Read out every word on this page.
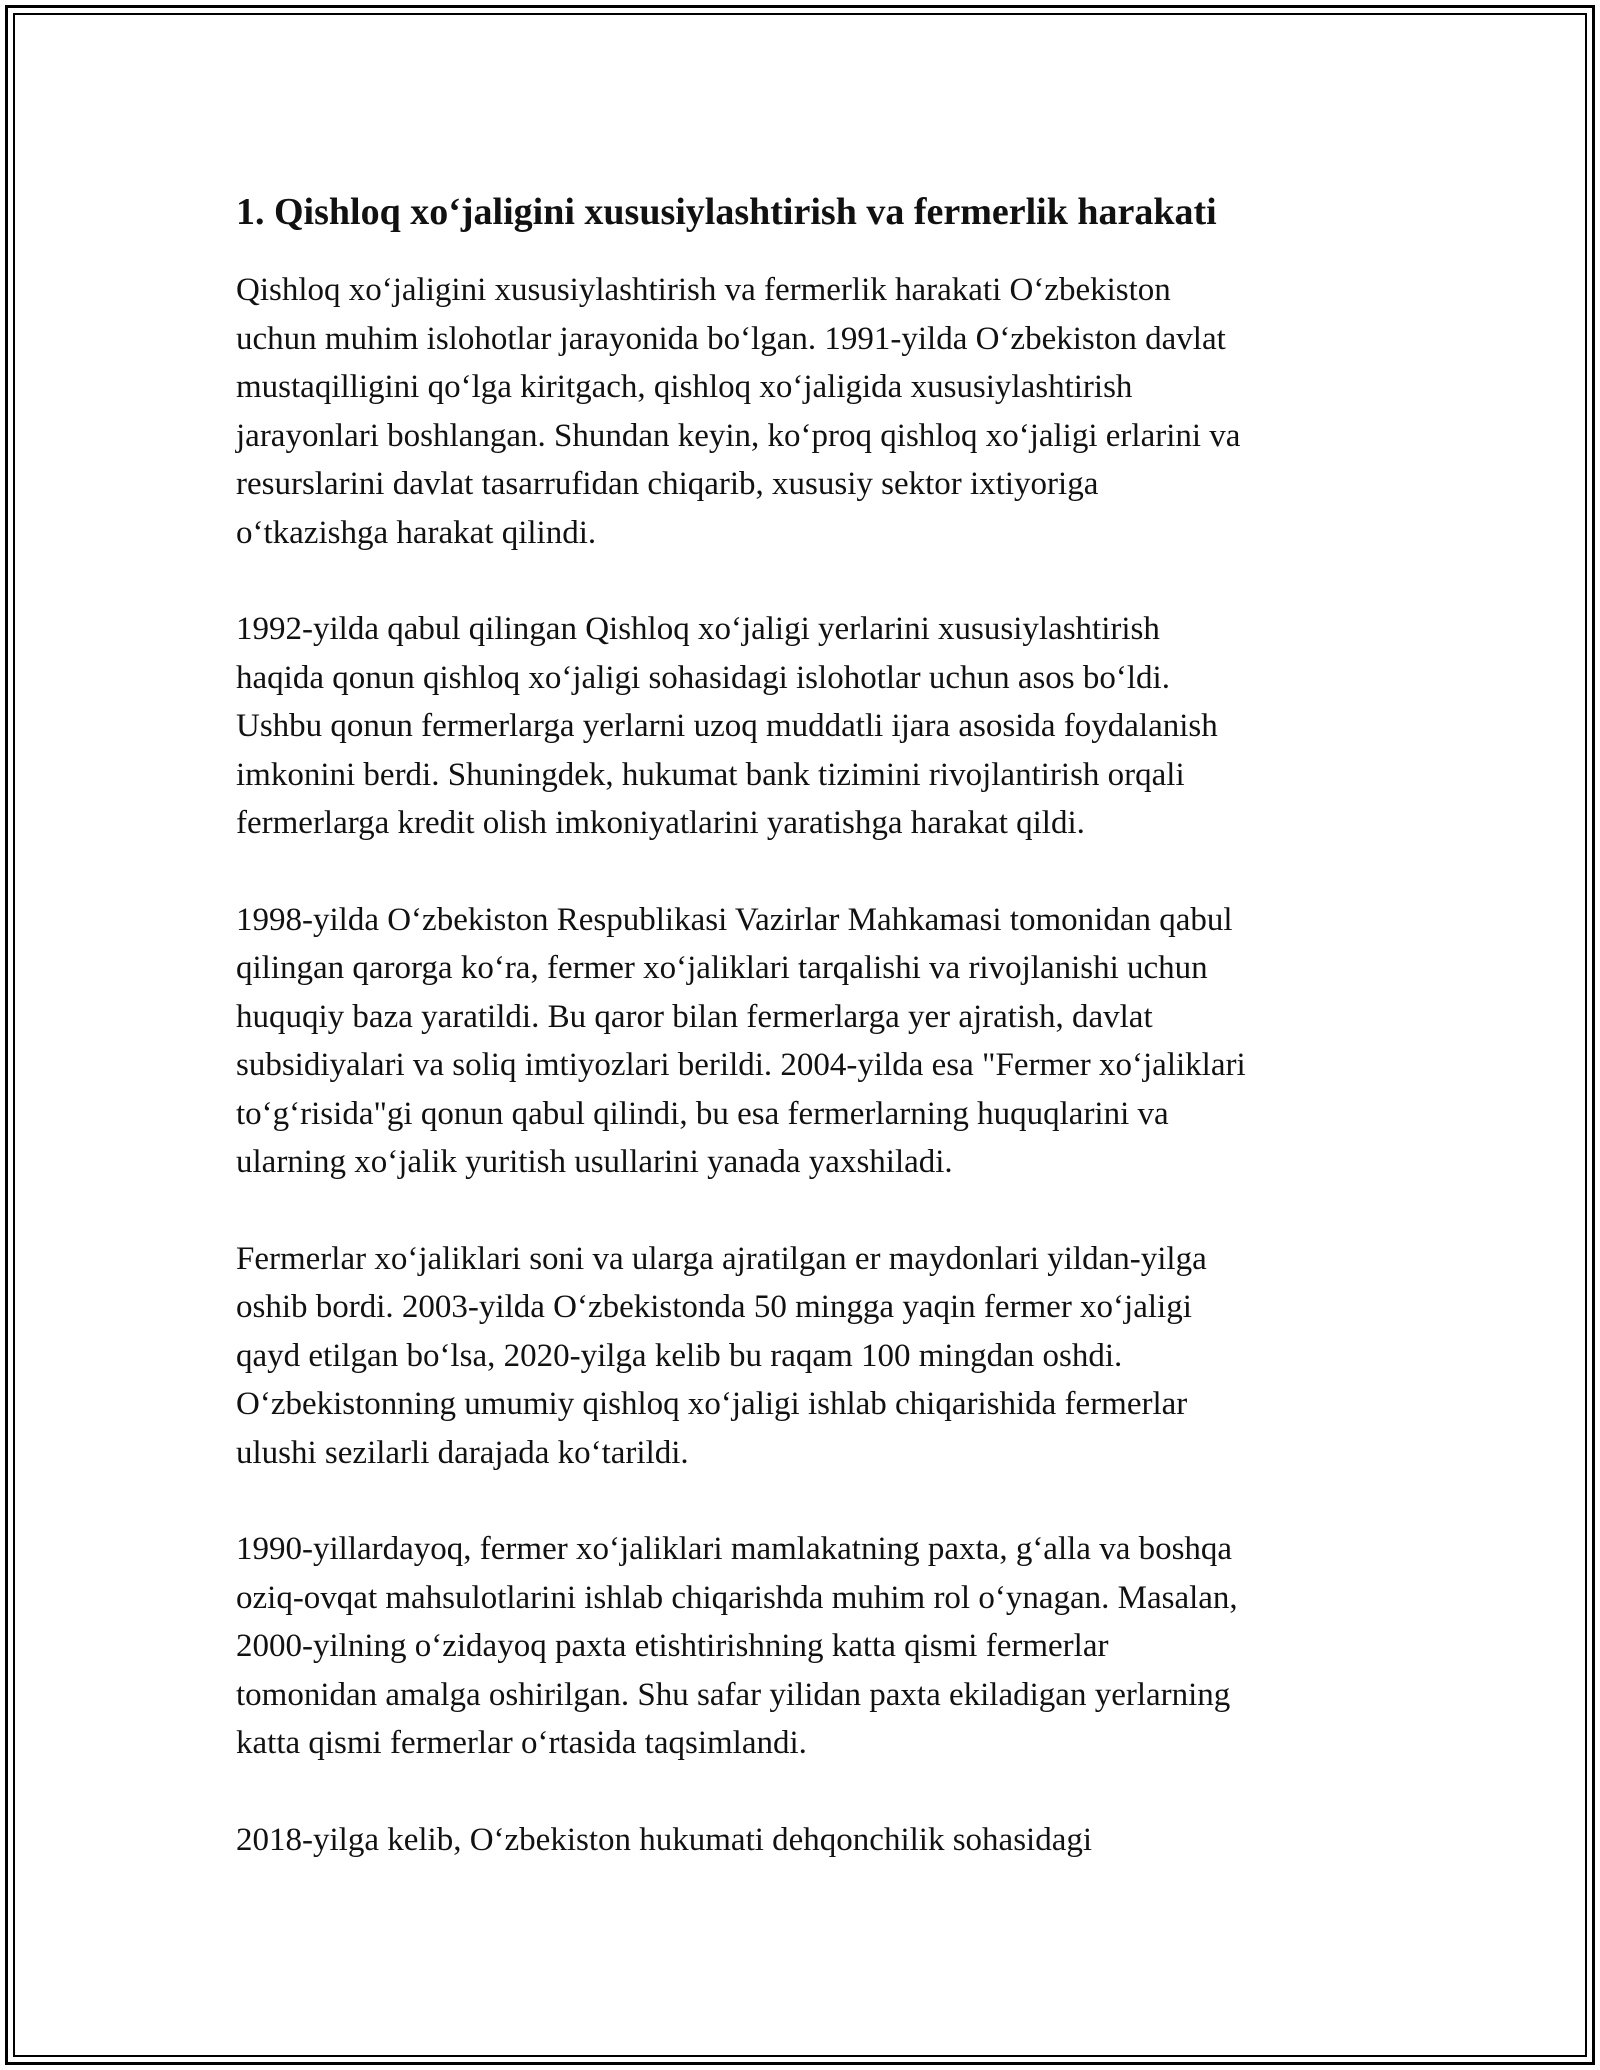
1. Qishloq xo‘jaligini xususiylashtirish va fermerlik harakati

Qishloq xo‘jaligini xususiylashtirish va fermerlik harakati O‘zbekiston
uchun muhim islohotlar jarayonida bo‘lgan. 1991-yilda O‘zbekiston davlat
mustaqilligini qo‘lga kiritgach, qishloq xo‘jaligida xususiylashtirish
jarayonlari boshlangan. Shundan keyin, ko‘proq qishloq xo‘jaligi erlarini va
resurslarini davlat tasarrufidan chiqarib, xususiy sektor ixtiyoriga
o‘tkazishga harakat qilindi.

1992-yilda qabul qilingan Qishloq xo‘jaligi yerlarini xususiylashtirish
haqida qonun qishloq xo‘jaligi sohasidagi islohotlar uchun asos bo‘ldi.
Ushbu qonun fermerlarga yerlarni uzoq muddatli ijara asosida foydalanish
imkonini berdi. Shuningdek, hukumat bank tizimini rivojlantirish orqali
fermerlarga kredit olish imkoniyatlarini yaratishga harakat qildi.

1998-yilda O‘zbekiston Respublikasi Vazirlar Mahkamasi tomonidan qabul
qilingan qarorga ko‘ra, fermer xo‘jaliklari tarqalishi va rivojlanishi uchun
huquqiy baza yaratildi. Bu qaror bilan fermerlarga yer ajratish, davlat
subsidiyalari va soliq imtiyozlari berildi. 2004-yilda esa "Fermer xo‘jaliklari
to‘g‘risida"gi qonun qabul qilindi, bu esa fermerlarning huquqlarini va
ularning xo‘jalik yuritish usullarini yanada yaxshiladi.

Fermerlar xo‘jaliklari soni va ularga ajratilgan er maydonlari yildan-yilga
oshib bordi. 2003-yilda O‘zbekistonda 50 mingga yaqin fermer xo‘jaligi
qayd etilgan bo‘lsa, 2020-yilga kelib bu raqam 100 mingdan oshdi.
O‘zbekistonning umumiy qishloq xo‘jaligi ishlab chiqarishida fermerlar
ulushi sezilarli darajada ko‘tarildi.

1990-yillardayoq, fermer xo‘jaliklari mamlakatning paxta, g‘alla va boshqa
oziq-ovqat mahsulotlarini ishlab chiqarishda muhim rol o‘ynagan. Masalan,
2000-yilning o‘zidayoq paxta etishtirishning katta qismi fermerlar
tomonidan amalga oshirilgan. Shu safar yilidan paxta ekiladigan yerlarning
katta qismi fermerlar o‘rtasida taqsimlandi.

2018-yilga kelib, O‘zbekiston hukumati dehqonchilik sohasidagi
